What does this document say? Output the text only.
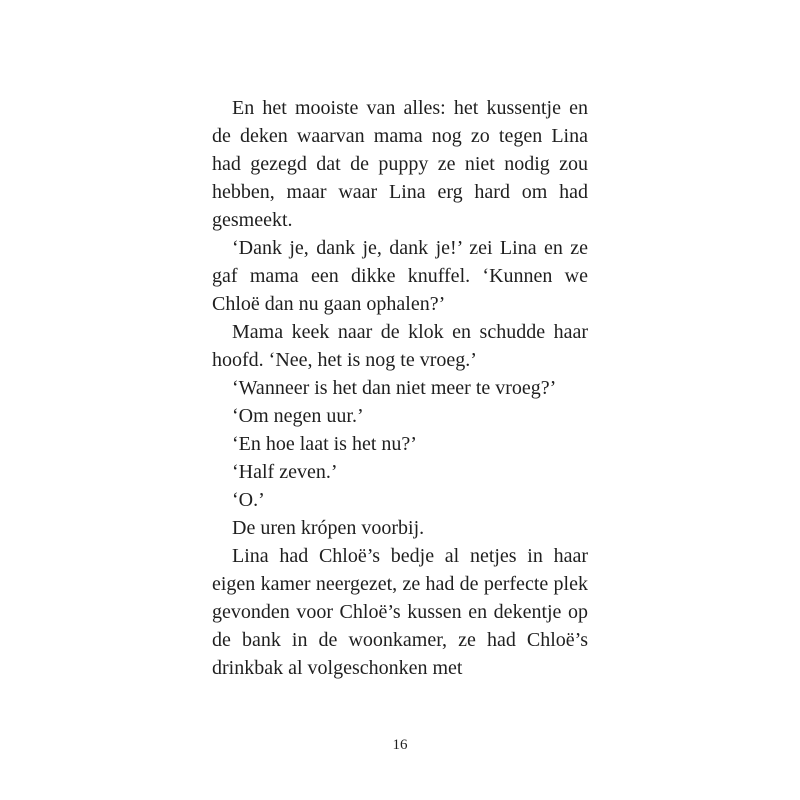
En het mooiste van alles: het kussentje en de deken waarvan mama nog zo tegen Lina had gezegd dat de puppy ze niet nodig zou hebben, maar waar Lina erg hard om had gesmeekt.

‘Dank je, dank je, dank je!’ zei Lina en ze gaf mama een dikke knuffel. ‘Kunnen we Chloë dan nu gaan ophalen?’

Mama keek naar de klok en schudde haar hoofd. ‘Nee, het is nog te vroeg.’

‘Wanneer is het dan niet meer te vroeg?’

‘Om negen uur.’

‘En hoe laat is het nu?’

‘Half zeven.’

‘O.’

De uren krópen voorbij.

Lina had Chloë’s bedje al netjes in haar eigen kamer neergezet, ze had de perfecte plek gevonden voor Chloë’s kussen en dekentje op de bank in de woonkamer, ze had Chloë’s drinkbak al volgeschonken met

16
